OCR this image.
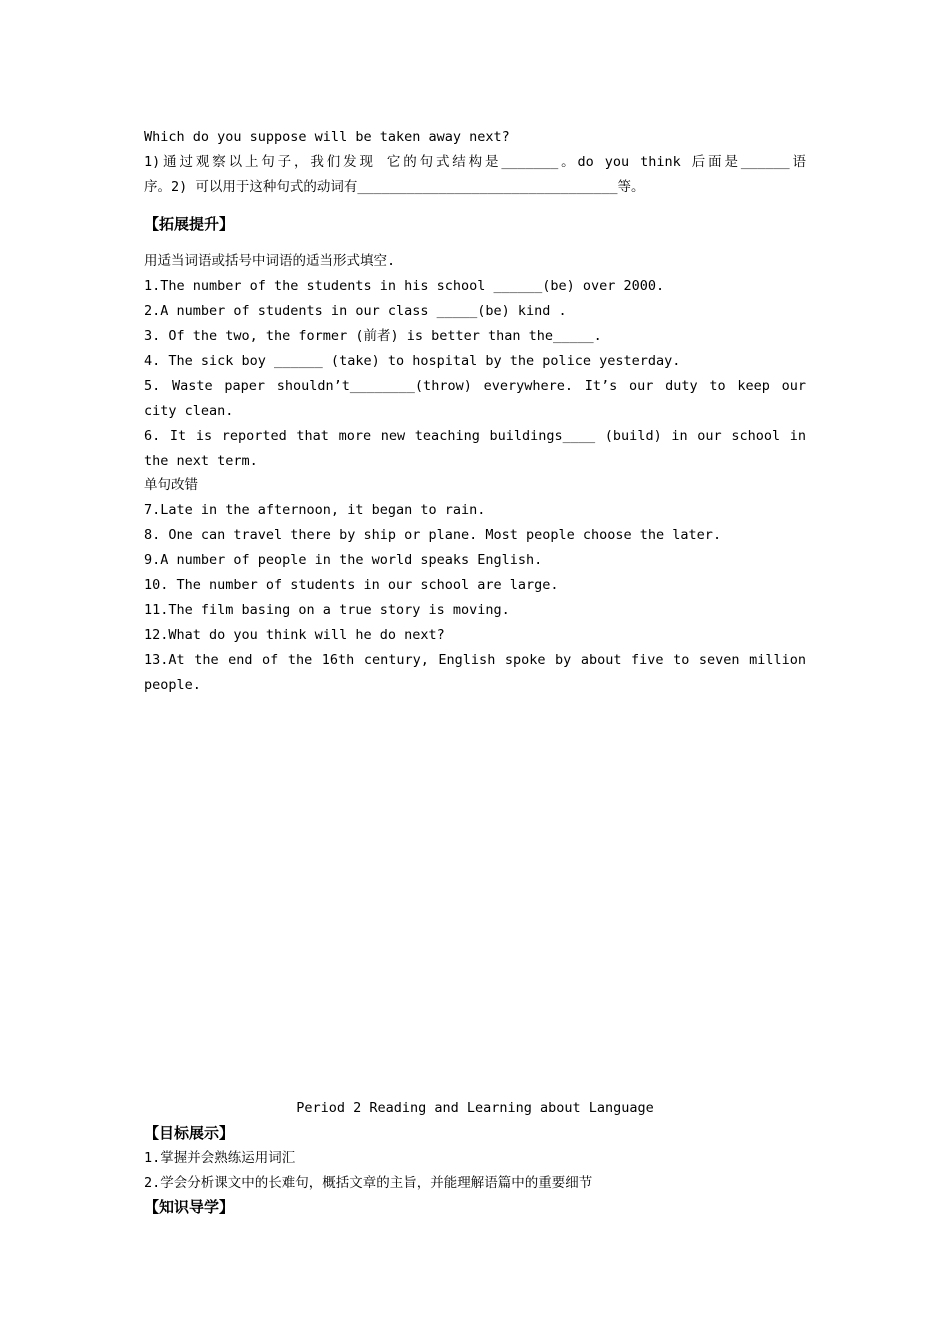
Which do you suppose will be taken away next?
1)通过观察以上句子，我们发现 它的句式结构是_______。do you think 后面是______语
序。2) 可以用于这种句式的动词有________________________________等。
【拓展提升】
用适当词语或括号中词语的适当形式填空.
1.The number of the students in his school ______(be) over 2000.
2.A number of students in our class _____(be) kind .
3. Of the two, the former (前者) is better than the_____.
4. The sick boy ______ (take) to hospital by the police yesterday.
5. Waste paper shouldn’t________(throw) everywhere. It’s our duty to keep our
city clean.
6. It is reported that more new teaching buildings____ (build) in our school in
the next term.
单句改错
7.Late in the afternoon, it began to rain.
8. One can travel there by ship or plane. Most people choose the later.
9.A number of people in the world speaks English.
10. The number of students in our school are large.
11.The film basing on a true story is moving.
12.What do you think will he do next?
13.At the end of the 16th century, English spoke by about five to seven million
people.
Period 2 Reading and Learning about Language
【目标展示】
1.掌握并会熟练运用词汇
2.学会分析课文中的长难句，概括文章的主旨，并能理解语篇中的重要细节
【知识导学】
